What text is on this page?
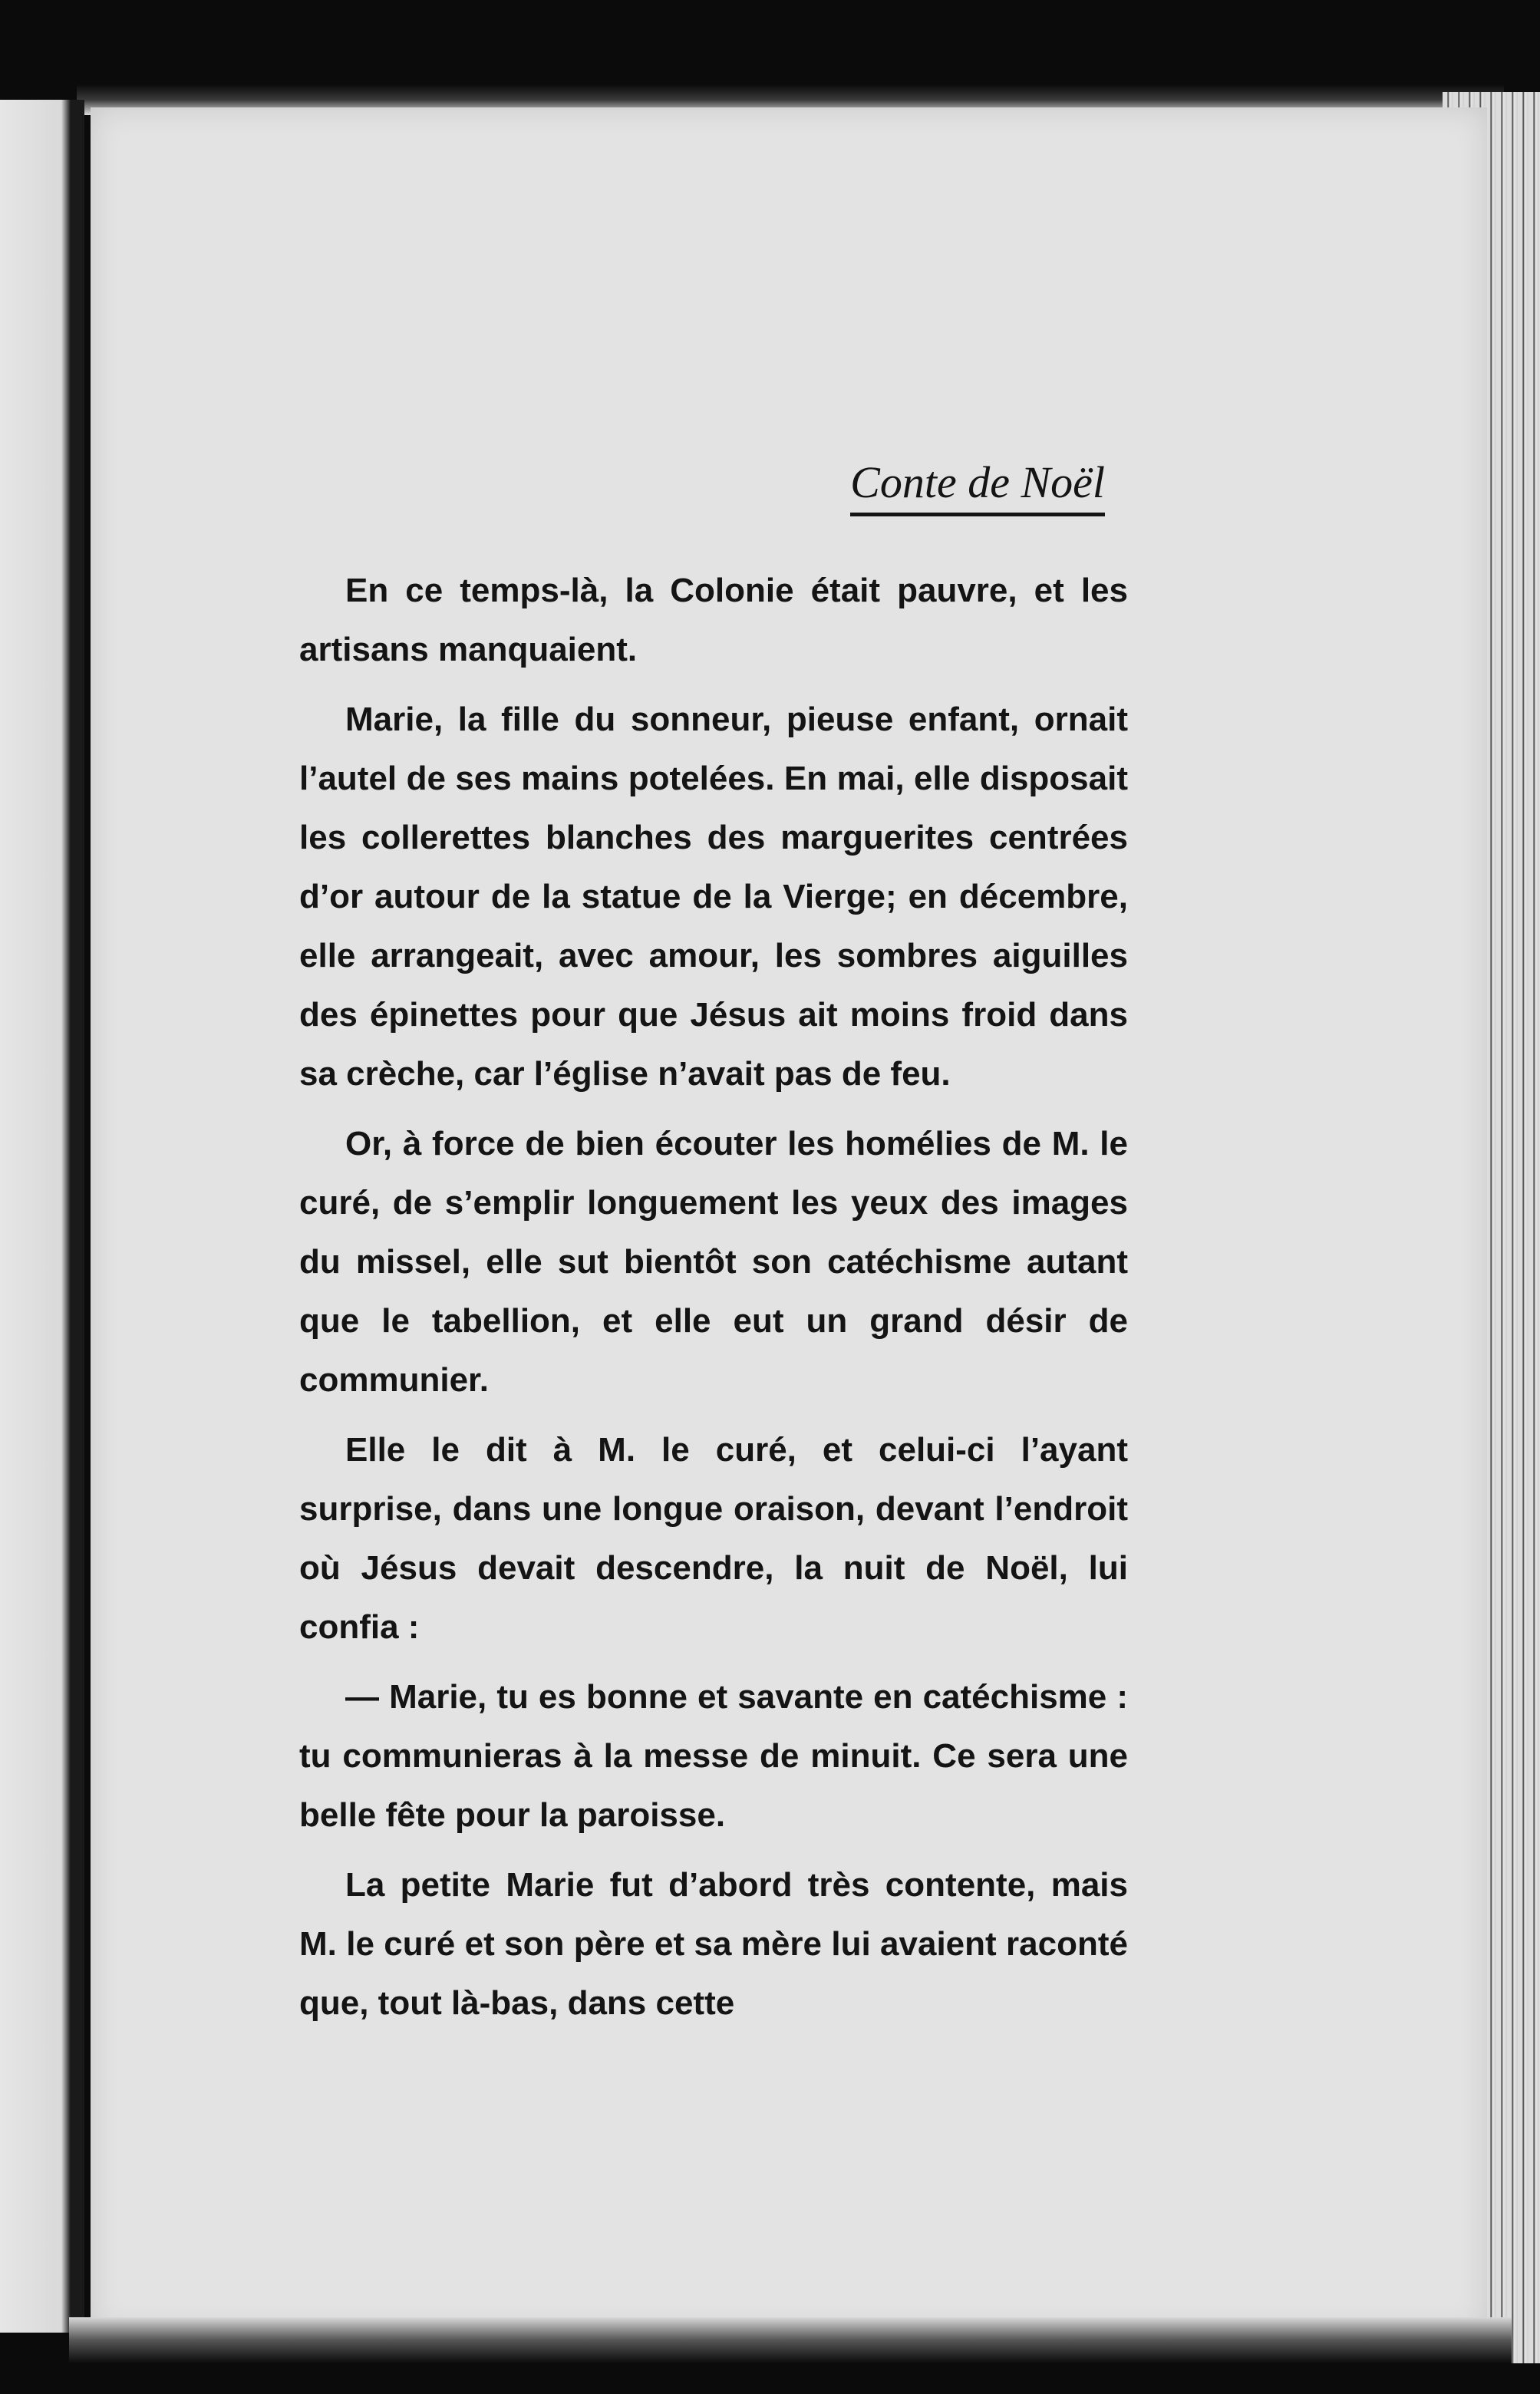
Conte de Noël

En ce temps-là, la Colonie était pauvre, et les artisans manquaient.

Marie, la fille du sonneur, pieuse enfant, ornait l’autel de ses mains potelées. En mai, elle disposait les collerettes blanches des marguerites centrées d’or autour de la statue de la Vierge; en décembre, elle arrangeait, avec amour, les sombres aiguilles des épinettes pour que Jésus ait moins froid dans sa crèche, car l’église n’avait pas de feu.

Or, à force de bien écouter les homélies de M. le curé, de s’emplir longuement les yeux des images du missel, elle sut bientôt son catéchisme autant que le tabellion, et elle eut un grand désir de communier.

Elle le dit à M. le curé, et celui-ci l’ayant surprise, dans une longue oraison, devant l’endroit où Jésus devait descendre, la nuit de Noël, lui confia :

— Marie, tu es bonne et savante en catéchisme : tu communieras à la messe de minuit. Ce sera une belle fête pour la paroisse.

La petite Marie fut d’abord très contente, mais M. le curé et son père et sa mère lui avaient raconté que, tout là-bas, dans cette
